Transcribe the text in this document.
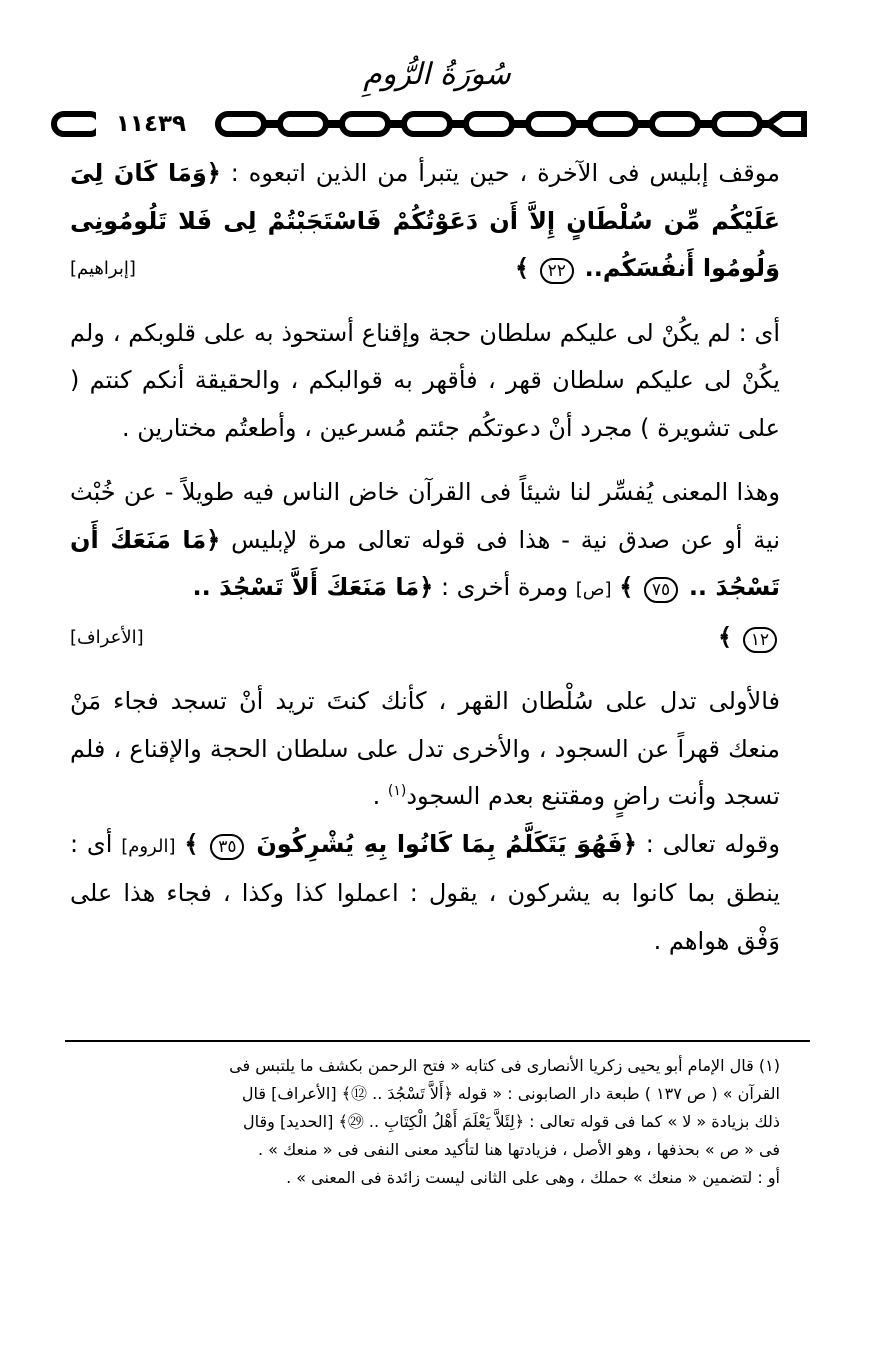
سُورَةُ الرُّومِ
١١٤٣٩

موقف إبليس فى الآخرة ، حين يتبرأ من الذين اتبعوه : ﴿وَمَا كَانَ لِىَ عَلَيْكُم مِّن سُلْطَانٍ إِلاَّ أَن دَعَوْتُكُمْ فَاسْتَجَبْتُمْ لِى فَلا تَلُومُونِى وَلُومُوا أَنفُسَكُم.. ٢٢ ﴾
[إبراهيم]

أى : لم يكُنْ لى عليكم سلطان حجة وإقناع أستحوذ به على قلوبكم ، ولم يكُنْ لى عليكم سلطان قهر ، فأقهر به قوالبكم ، والحقيقة أنكم كنتم ( على تشويرة ) مجرد أنْ دعوتكُم جئتم مُسرعين ، وأطعتُم مختارين .

وهذا المعنى يُفسِّر لنا شيئاً فى القرآن خاض الناس فيه طويلاً - عن خُبْث نية أو عن صدق نية - هذا فى قوله تعالى مرة لإبليس ﴿مَا مَنَعَكَ أَن تَسْجُدَ .. ٧٥ ﴾ [ص] ومرة أخرى : ﴿مَا مَنَعَكَ أَلاَّ تَسْجُدَ ..
١٢ ﴾
[الأعراف]

فالأولى تدل على سُلْطان القهر ، كأنك كنتَ تريد أنْ تسجد فجاء مَنْ منعك قهراً عن السجود ، والأخرى تدل على سلطان الحجة والإقناع ، فلم تسجد وأنت راضٍ ومقتنع بعدم السجود$^{(١)}$ .

وقوله تعالى : ﴿فَهُوَ يَتَكَلَّمُ بِمَا كَانُوا بِهِ يُشْرِكُونَ ٣٥ ﴾ [الروم] أى : ينطق بما كانوا به يشركون ، يقول : اعملوا كذا وكذا ، فجاء هذا على وَفْق هواهم .

(١) قال الإمام أبو يحيى زكريا الأنصارى فى كتابه « فتح الرحمن بكشف ما يلتبس فى

القرآن » ( ص ١٣٧ ) طبعة دار الصابونى : « قوله ﴿أَلاَّ تَسْجُدَ .. ⑫﴾ [الأعراف] قال

ذلك بزيادة « لا » كما فى قوله تعالى : ﴿لِئَلاَّ يَعْلَمَ أَهْلُ الْكِتَابِ .. ㉙﴾ [الحديد] وقال

فى « ص » بحذفها ، وهو الأصل ، فزيادتها هنا لتأكيد معنى النفى فى « منعك » .

أو : لتضمين « منعك » حملك ، وهى على الثانى ليست زائدة فى المعنى » .
